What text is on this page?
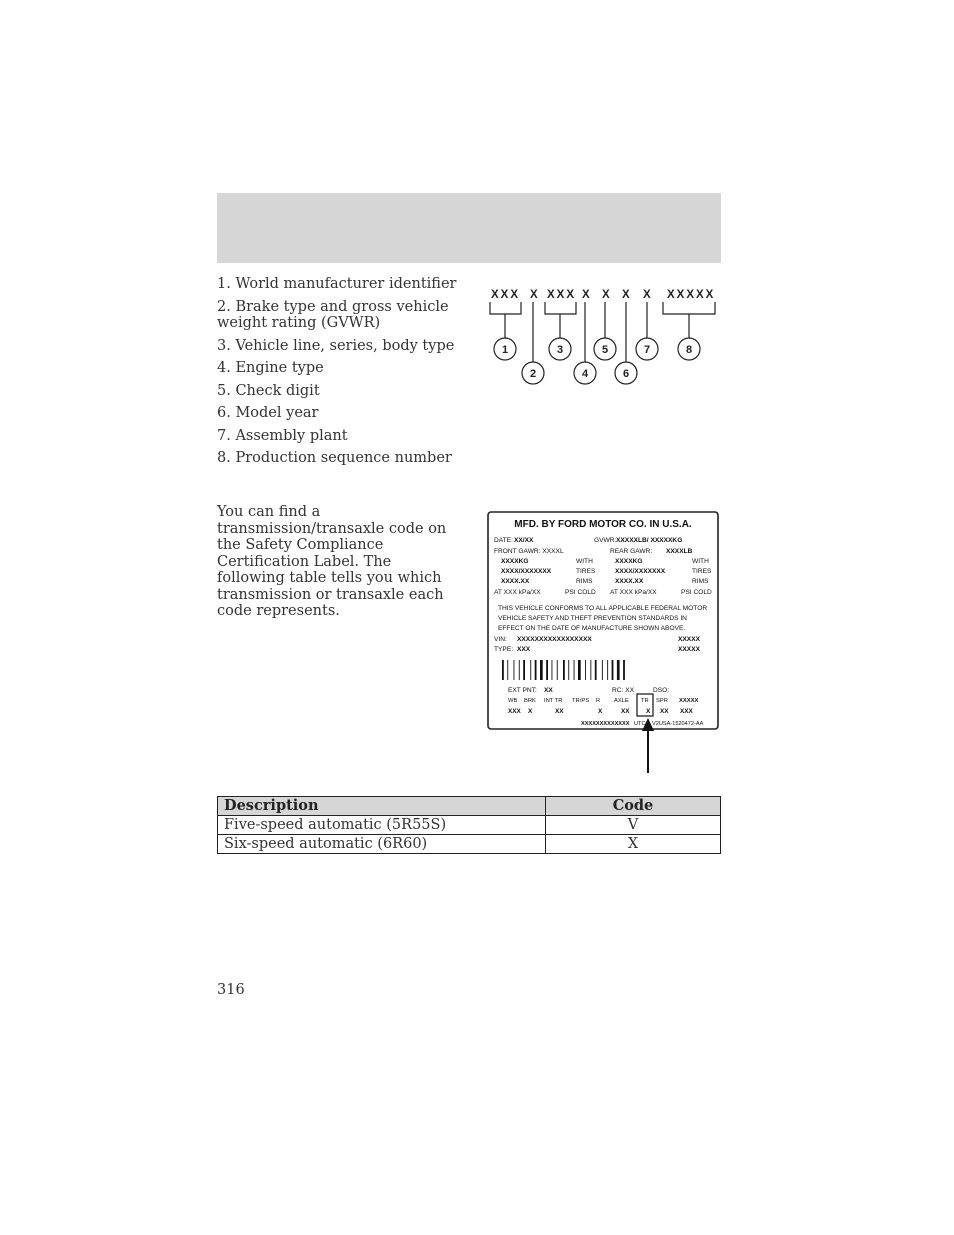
1. World manufacturer identifier
2. Brake type and gross vehicle weight rating (GVWR)
3. Vehicle line, series, body type
4. Engine type
5. Check digit
6. Model year
7. Assembly plant
8. Production sequence number
XXX X XXX X X X X XXXXX
1
2
3
4
5
6
7	8

You can find a transmission/transaxle code on the Safety Compliance Certification Label. The following table tells you which transmission or transaxle each code represents.

MFD. BY FORD MOTOR CO. IN U.S.A.
DATE: XX/XX	GVWR: XXXXXLB/ XXXXXKG
FRONT GAWR: XXXXL
XXXXKG	WITH
XXXX/XXXXXXX	TIRES
XXXX.XX	RIMS
AT XXX kPa/XX	PSI COLD
REAR GAWR: XXXXLB
XXXXKG	WITH
XXXX/XXXXXXX	TIRES
XXXX.XX	RIMS
AT XXX kPa/XX	PSI COLD
THIS VEHICLE CONFORMS TO ALL APPLICABLE FEDERAL MOTOR
VEHICLE SAFETY AND THEFT PREVENTION STANDARDS IN
EFFECT ON THE DATE OF MANUFACTURE SHOWN ABOVE.
VIN: XXXXXXXXXXXXXXXXX
TYPE: XXX
XXXXX
XXXXX
EXT PNT: XX	RC: XX	DSO:
WB BRK INT TR TR/PS R AXLE TR SPR XXXXX
XXX X	XX	X	XX	X XX XXX
XXXXXXXXXXXXX UTC V2USA-1520472-AA
Description	Code
Five-speed automatic (5R55S)	V
Six-speed automatic (6R60)	X
316
